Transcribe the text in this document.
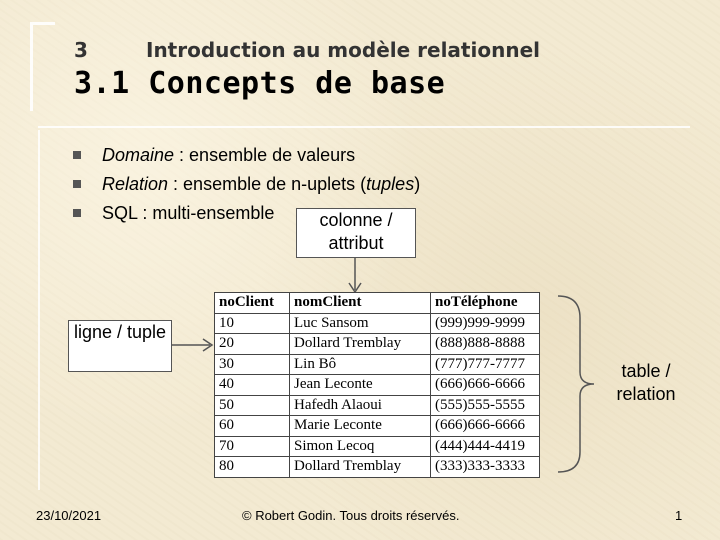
3	Introduction au modèle relationnel
3.1 Concepts de base
Domaine : ensemble de valeurs
Relation : ensemble de n-uplets (tuples)
SQL : multi-ensemble	colonne / attribut
ligne / tuple
table / relation
noClient	nomClient	noTéléphone
10	Luc Sansom	(999)999-9999
20	Dollard Tremblay	(888)888-8888
30	Lin Bô	(777)777-7777
40	Jean Leconte	(666)666-6666
50	Hafedh Alaoui	(555)555-5555
60	Marie Leconte	(666)666-6666
70	Simon Lecoq	(444)444-4419
80	Dollard Tremblay	(333)333-3333
23/10/2021	© Robert Godin. Tous droits réservés.	1
